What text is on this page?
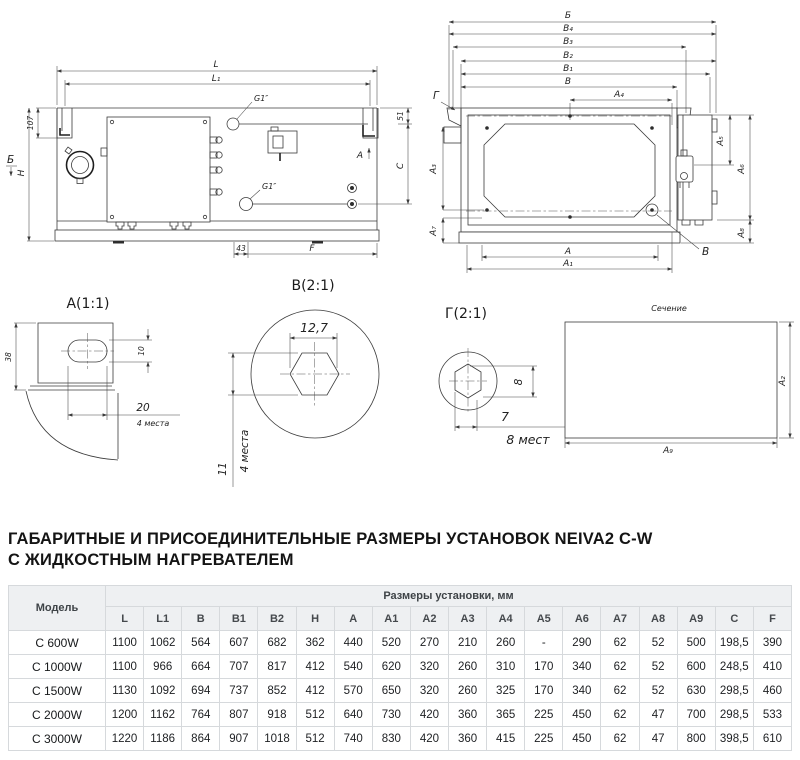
L
L₁
107
H
Б
G1″
G1″
A
51
C
43	F
Б
В₄
В₃
В₂
В₁
В
А₄
Г
А₃
А₇
А
А₁
В
А₅
А₆
А₈
А(1:1)
38
10
20
4 места
В(2:1)
12,7
11 4 места
Г(2:1)
8
7
8 мест
Сечение
А₂
А₉
ГАБАРИТНЫЕ И ПРИСОЕДИНИТЕЛЬНЫЕ РАЗМЕРЫ УСТАНОВОК NEIVA2 C-W
С ЖИДКОСТНЫМ НАГРЕВАТЕЛЕМ
Модель	Размеры установки, мм																	
	L	L1	B	B1	B2	H	A	A1	A2	A3	A4	A5	A6	A7	A8	A9	C	F
С 600W	1100	1062	564	607	682	362	440	520	270	210	260	-	290	62	52	500	198,5	390
С 1000W	1100	966	664	707	817	412	540	620	320	260	310	170	340	62	52	600	248,5	410
С 1500W	1130	1092	694	737	852	412	570	650	320	260	325	170	340	62	52	630	298,5	460
С 2000W	1200	1162	764	807	918	512	640	730	420	360	365	225	450	62	47	700	298,5	533
С 3000W	1220	1186	864	907	1018	512	740	830	420	360	415	225	450	62	47	800	398,5	610
